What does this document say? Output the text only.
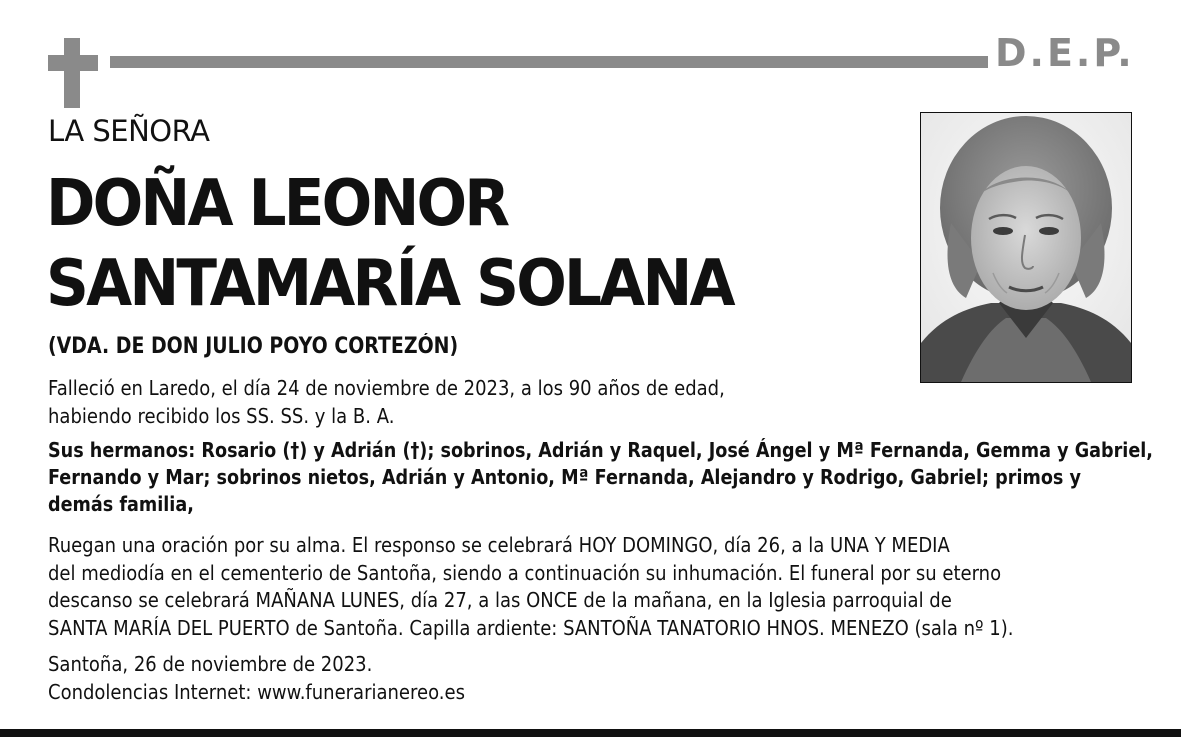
D.E.P.
LA SEÑORA
DOÑA LEONOR
SANTAMARÍA SOLANA
(VDA. DE DON JULIO POYO CORTEZÓN)
Falleció en Laredo, el día 24 de noviembre de 2023, a los 90 años de edad,
habiendo recibido los SS. SS. y la B. A.
Sus hermanos: Rosario (†) y Adrián (†); sobrinos, Adrián y Raquel, José Ángel y Mª Fernanda, Gemma y Gabriel,
Fernando y Mar; sobrinos nietos, Adrián y Antonio, Mª Fernanda, Alejandro y Rodrigo, Gabriel; primos y
demás familia,
Ruegan una oración por su alma. El responso se celebrará HOY DOMINGO, día 26, a la UNA Y MEDIA
del mediodía en el cementerio de Santoña, siendo a continuación su inhumación. El funeral por su eterno
descanso se celebrará MAÑANA LUNES, día 27, a las ONCE de la mañana, en la Iglesia parroquial de
SANTA MARÍA DEL PUERTO de Santoña. Capilla ardiente: SANTOÑA TANATORIO HNOS. MENEZO (sala nº 1).
Santoña, 26 de noviembre de 2023.
Condolencias Internet: www.funerarianereo.es
